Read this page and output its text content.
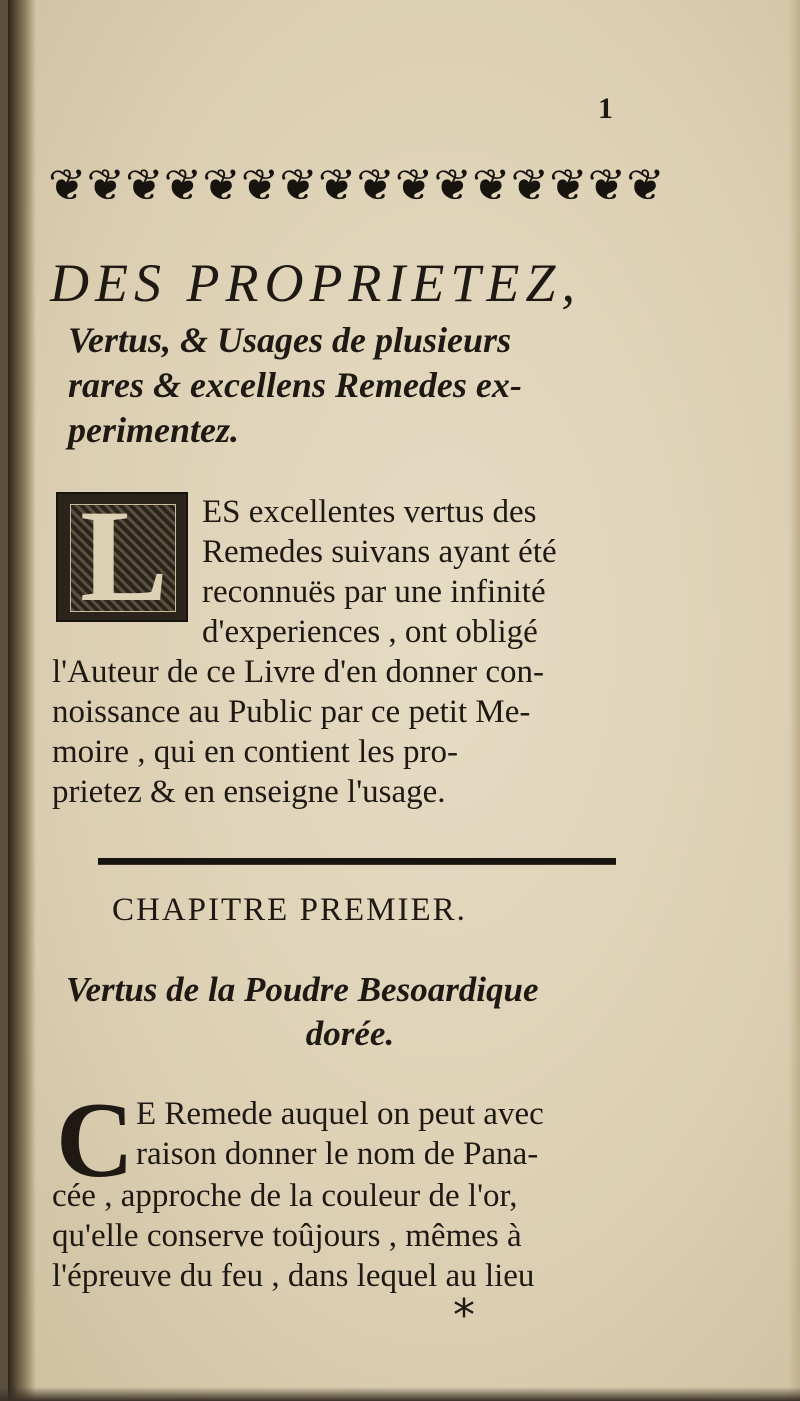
1
❦ ❦ ❦ ❦ ❦ ❦ ❦ ❦ ❦ ❦ ❦ ❦ ❦ ❦ ❦ ❦
DES PROPRIETEZ,
Vertus, & Usages de plusieurs
rares & excellens Remedes ex-
perimentez.
L ES excellentes vertus des
Remedes suivans ayant été
reconnuës par une infinité
d'experiences , ont obligé
l'Auteur de ce Livre d'en donner con-
noissance au Public par ce petit Me-
moire , qui en contient les pro-
prietez & en enseigne l'usage.
CHAPITRE PREMIER.
Vertus de la Poudre Besoardique
dorée.
C E Remede auquel on peut avec
raison donner le nom de Pana-
cée , approche de la couleur de l'or,
qu'elle conserve toûjours , mêmes à
l'épreuve du feu , dans lequel au lieu
*
